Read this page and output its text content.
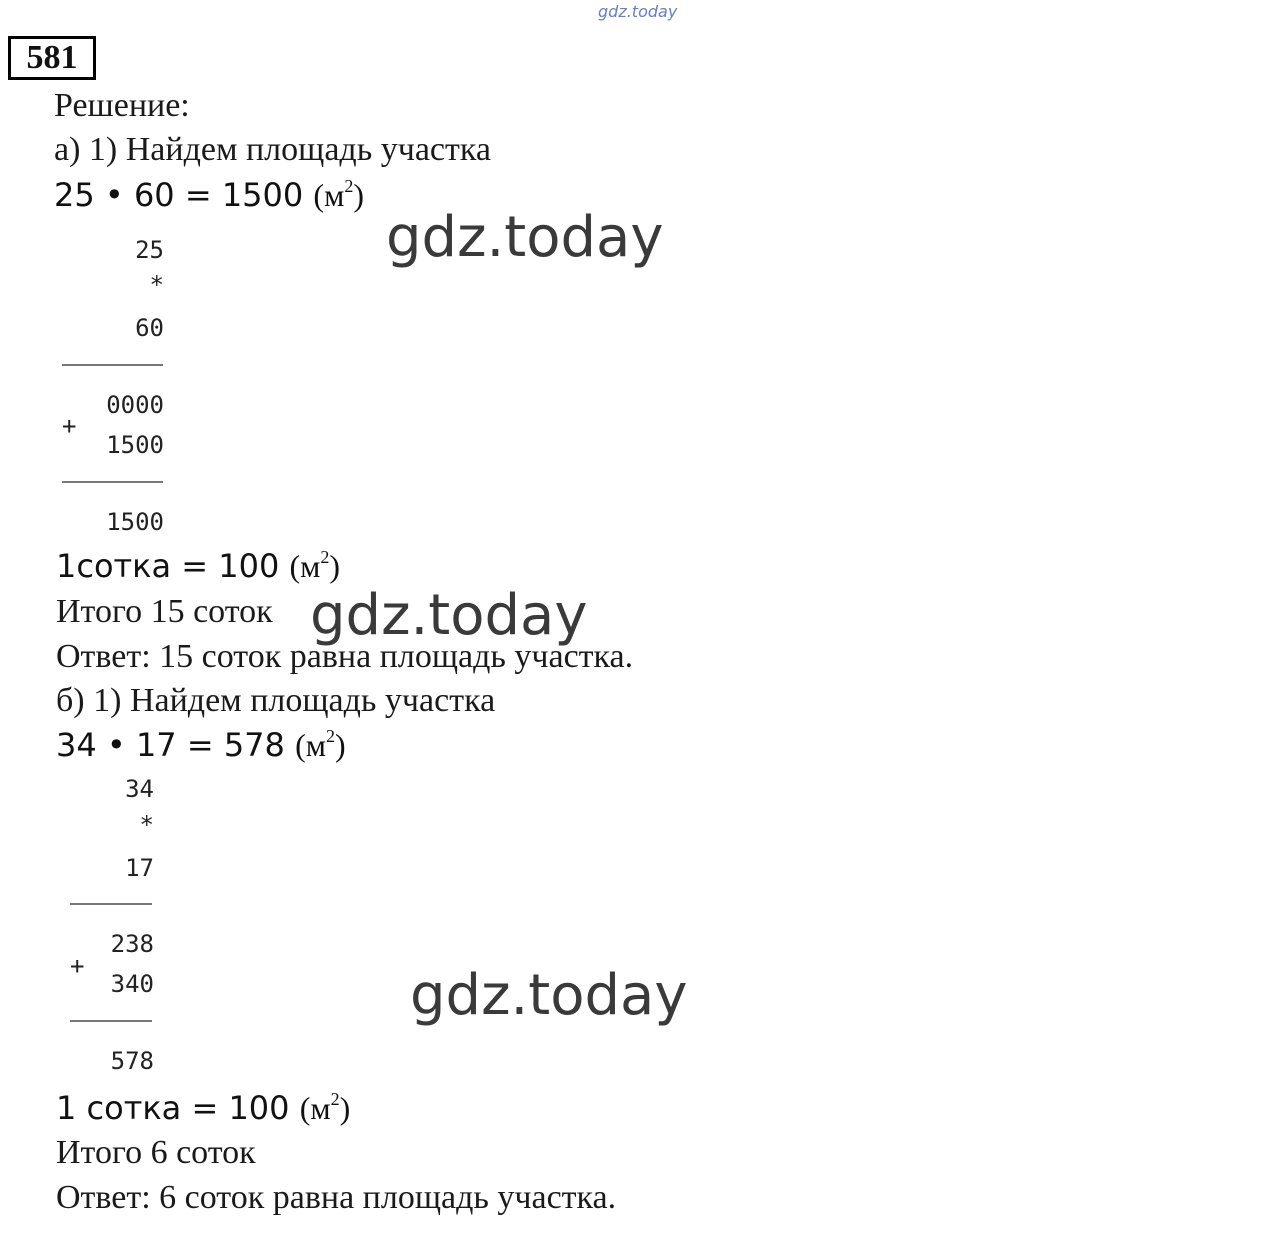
gdz.today
581
Решение:
а) 1) Найдем площадь участка
25 • 60 = 1500 $(м^2)$
25
*
60
0000
+
1500
1500
1сотка = 100 $(м^2)$
Итого 15 соток
Ответ: 15 соток равна площадь участка.
б) 1) Найдем площадь участка
34 • 17 = 578 $(м^2)$
34
*
17
238
+
340
578
1 сотка = 100 $(м^2)$
Итого 6 соток
Ответ: 6 соток равна площадь участка.
gdz.today
gdz.today
gdz.today
